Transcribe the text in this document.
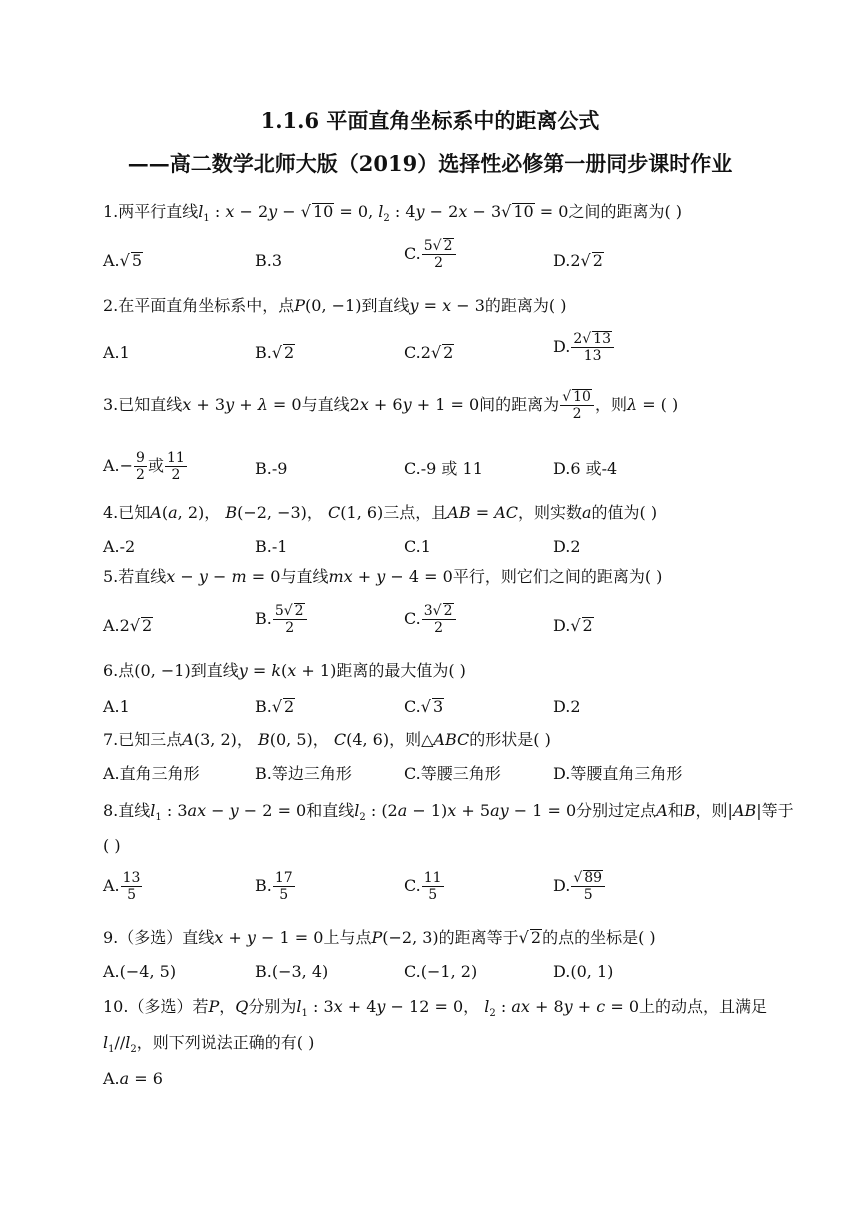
1.1.6 平面直角坐标系中的距离公式
——高二数学北师大版（2019）选择性必修第一册同步课时作业
1.两平行直线$l_1$ : x − 2y − √ 10 = 0, $l_2$ : 4y − 2x − 3√ 10 = 0之间的距离为( )
A.√ 5	B.3	C. $\frac{5√ 2}{2}$	D.2√ 2
2.在平面直角坐标系中，点P(0, −1)到直线y = x − 3的距离为( )
A.1	B.√ 2	C.2√ 2	D. $\frac{2√ 13}{13}$
3.已知直线x + 3y + λ = 0与直线2x + 6y + 1 = 0间的距离为 $\frac{√ 10}{2}$ ，则λ = ( )
$A.- \frac{9}{2}$ 或 $\frac{11}{2}$	B.-9	C.-9 或 11	D.6 或-4
4.已知A(a, 2)， B(−2, −3)， C(1, 6)三点，且AB = AC，则实数a的值为( )
A.-2	B.-1	C.1	D.2
5.若直线x − y − m = 0与直线mx + y − 4 = 0平行，则它们之间的距离为( )
A.2√ 2	B. $\frac{5√ 2}{2}$	C. $\frac{3√ 2}{2}$	D.√ 2
6.点(0, −1)到直线y = k(x + 1)距离的最大值为( )
A.1	B.√ 2	C.√ 3	D.2
7.已知三点A(3, 2)， B(0, 5)， C(4, 6)，则△ABC的形状是( )
A.直角三角形	B.等边三角形	C.等腰三角形	D.等腰直角三角形
8.直线$l_1$ : 3ax − y − 2 = 0和直线$l_2$ : (2a − 1)x + 5ay − 1 = 0分别过定点A和B，则|AB|等于
( )
A. $\frac{13}{5}$	B. $\frac{17}{5}$	C. $\frac{11}{5}$	D. $\frac{√ 89}{5}$
9.（多选）直线x + y − 1 = 0上与点P(−2, 3)的距离等于√ 2的点的坐标是( )
A.(−4, 5)	B.(−3, 4)	C.(−1, 2)	D.(0, 1)
10.（多选）若P，Q分别为$l_1$ : 3x + 4y − 12 = 0， $l_2$ : ax + 8y + c = 0上的动点，且满足
$l_1//l_2$，则下列说法正确的有( )
A.a = 6
